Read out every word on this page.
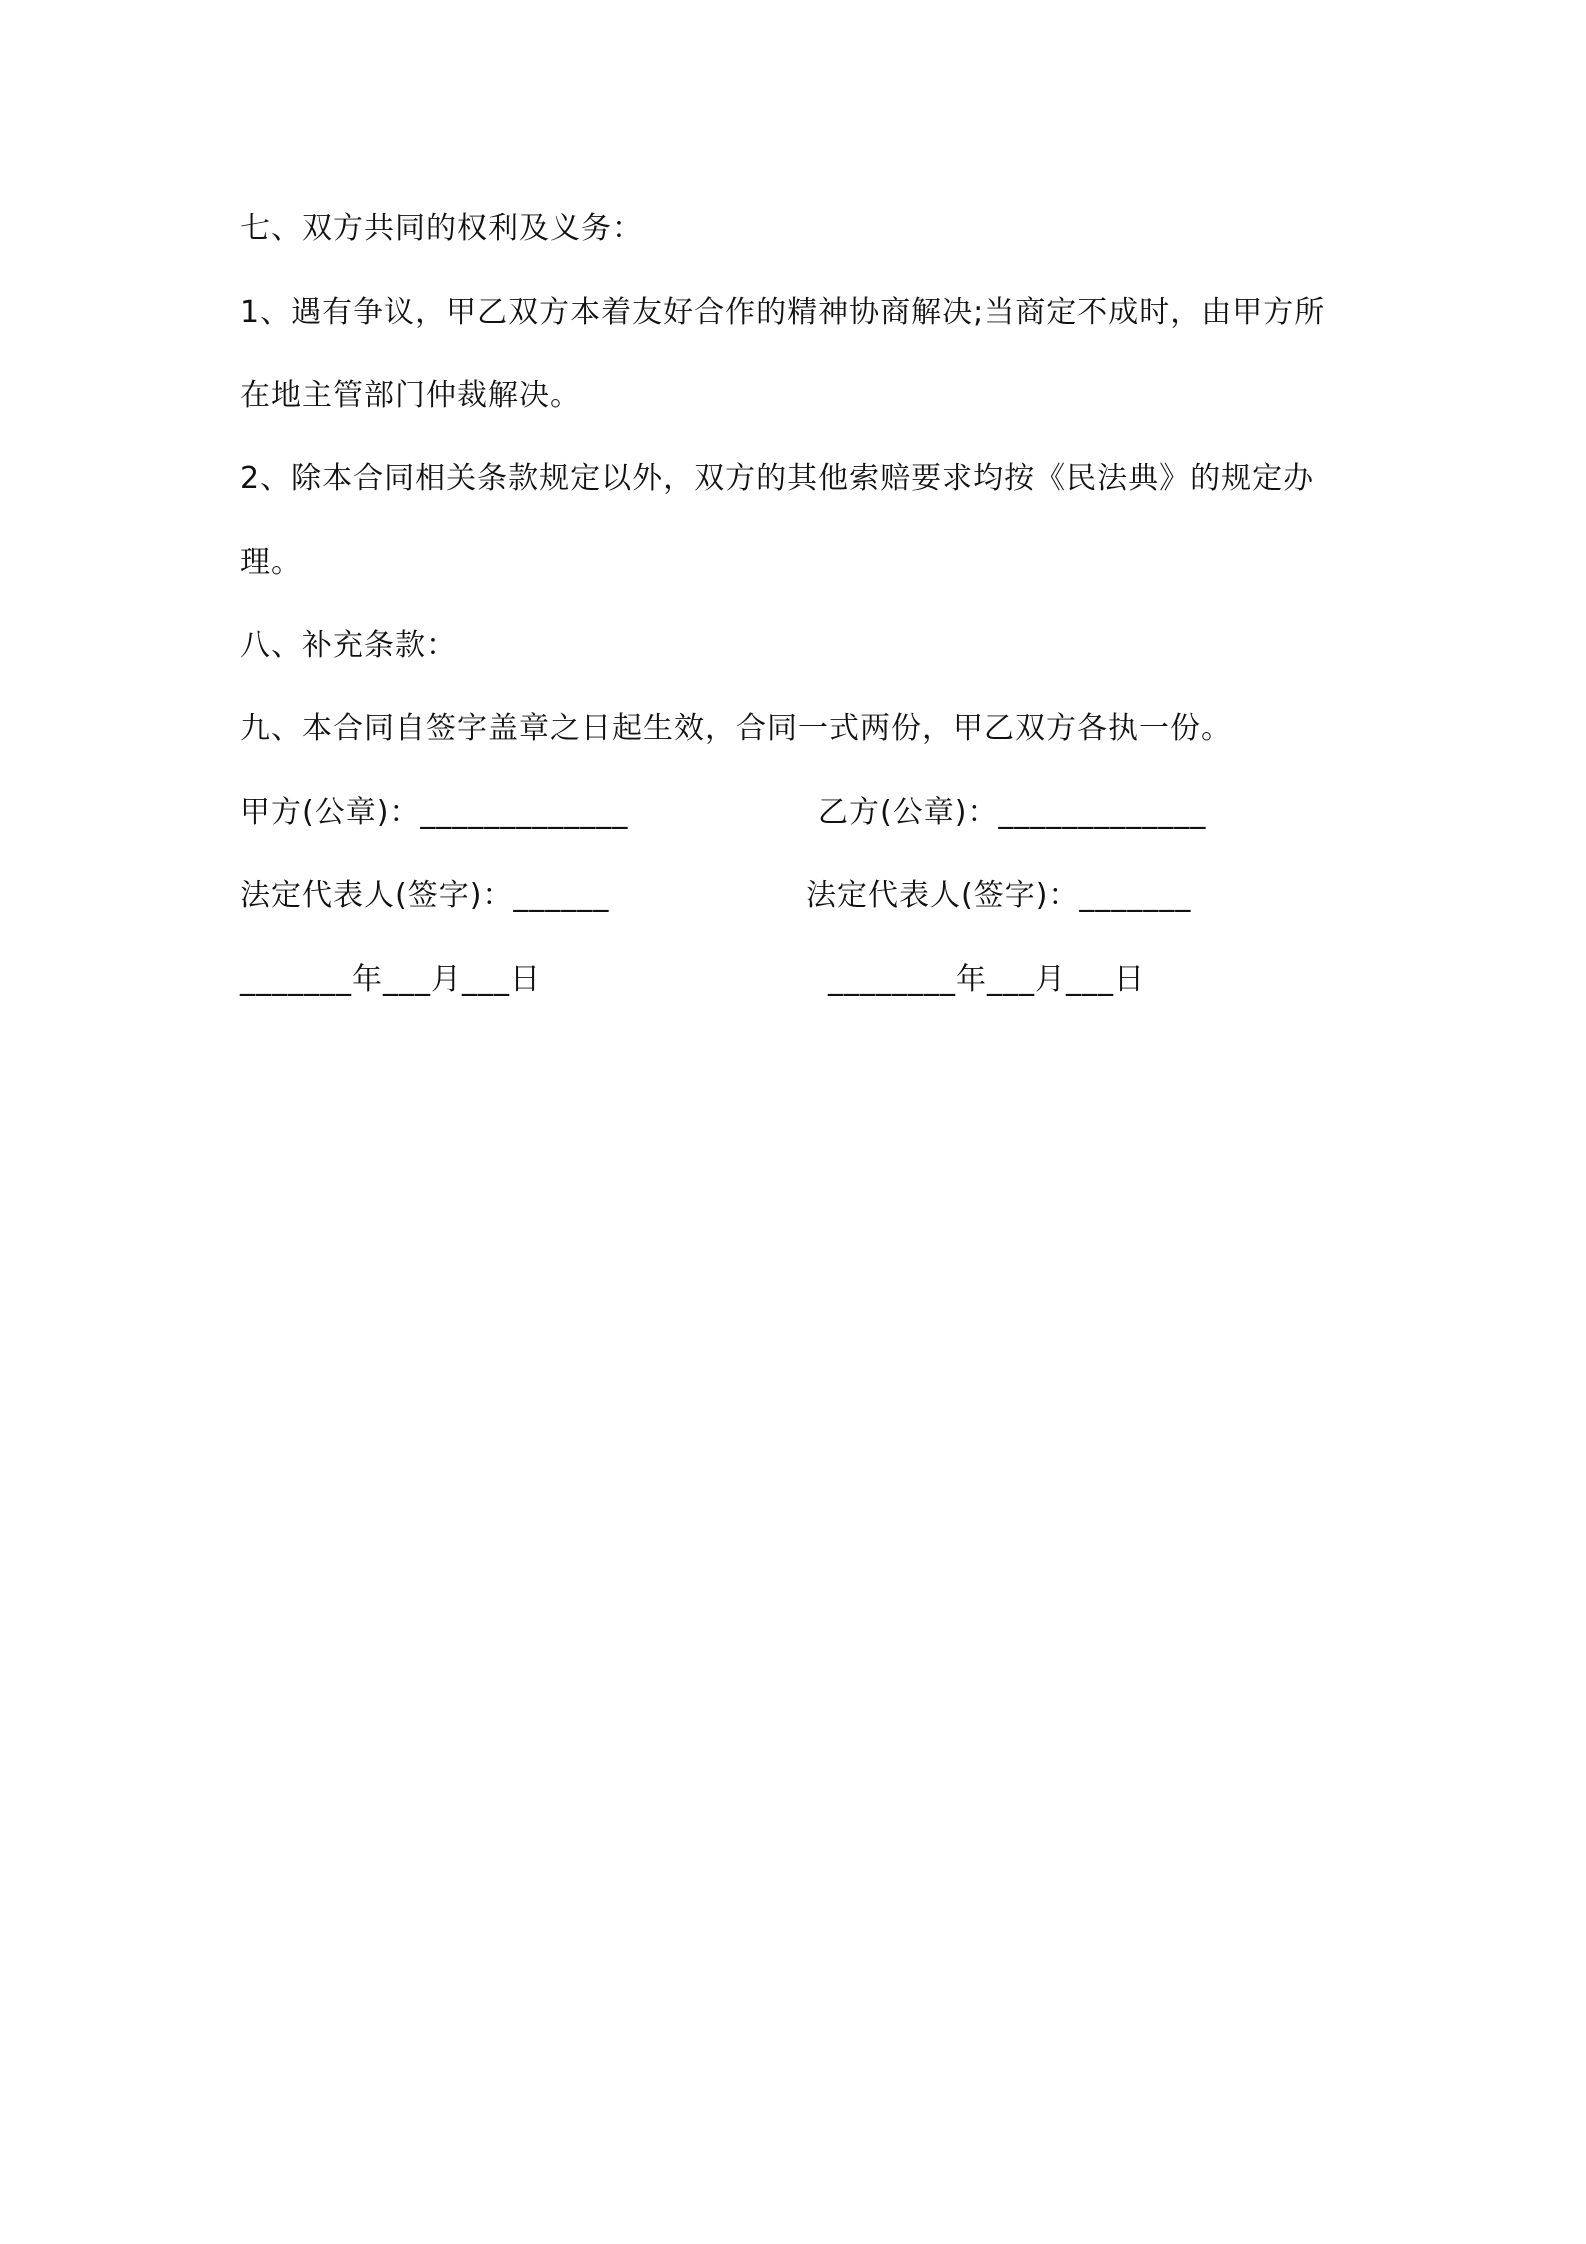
七、双方共同的权利及义务：
1、遇有争议，甲乙双方本着友好合作的精神协商解决;当商定不成时，由甲方所
在地主管部门仲裁解决。
2、除本合同相关条款规定以外，双方的其他索赔要求均按《民法典》的规定办
理。
八、补充条款：
九、本合同自签字盖章之日起生效，合同一式两份，甲乙双方各执一份。
甲方(公章)：_____________	乙方(公章)：_____________
法定代表人(签字)：______	法定代表人(签字)：_______
_______年___月___日	________年___月___日
